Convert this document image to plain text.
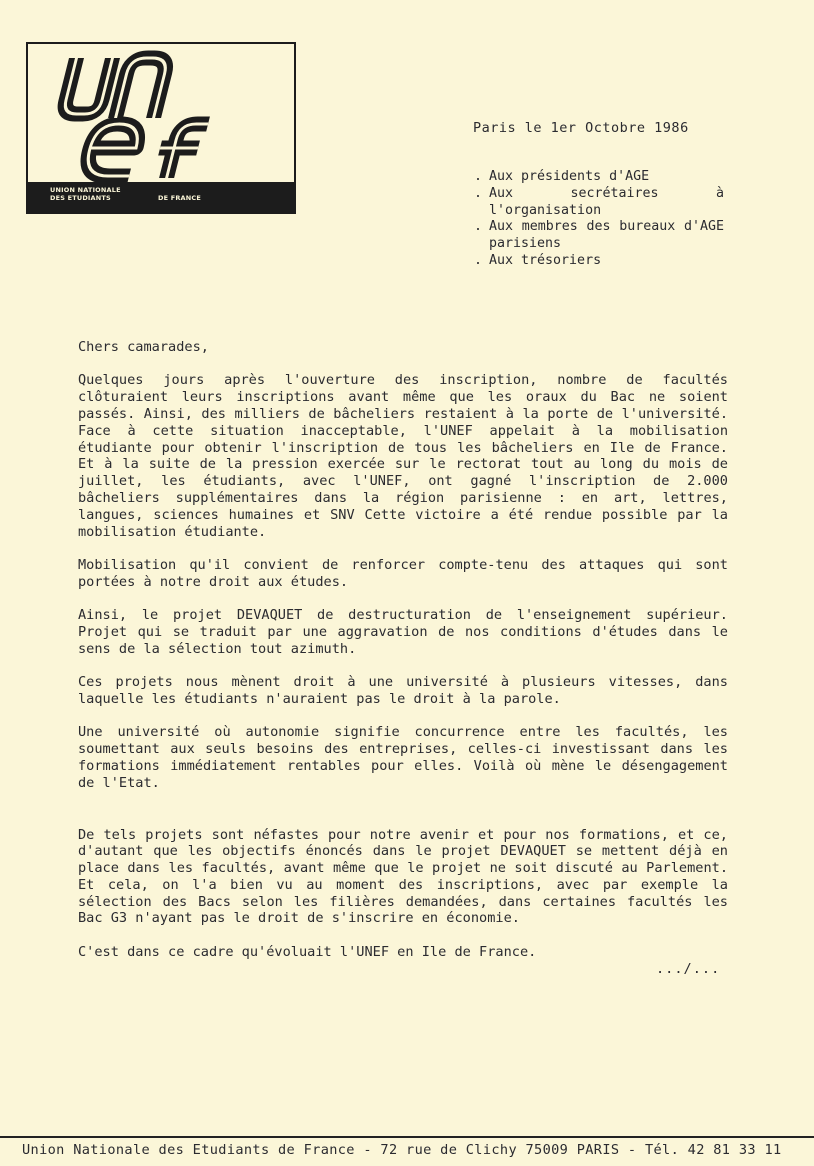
UNION NATIONALE
DES ETUDIANTS	DE FRANCE
Paris le 1er Octobre 1986
. Aux présidents d'AGE
. Aux secrétaires à l'organisation
. Aux membres des bureaux d'AGE parisiens
. Aux trésoriers

Chers camarades,

Quelques jours après l'ouverture des inscription, nombre de facultés clôturaient leurs inscriptions avant même que les oraux du Bac ne soient passés. Ainsi, des milliers de bâcheliers restaient à la porte de l'université. Face à cette situation inacceptable, l'UNEF appelait à la mobilisation étudiante pour obtenir l'inscription de tous les bâcheliers en Ile de France. Et à la suite de la pression exercée sur le rectorat tout au long du mois de juillet, les étudiants, avec l'UNEF, ont gagné l'inscription de 2.000 bâcheliers supplémentaires dans la région parisienne : en art, lettres, langues, sciences humaines et SNV Cette victoire a été rendue possible par la mobilisation étudiante.

Mobilisation qu'il convient de renforcer compte-tenu des attaques qui sont portées à notre droit aux études.

Ainsi, le projet DEVAQUET de destructuration de l'enseignement supérieur. Projet qui se traduit par une aggravation de nos conditions d'études dans le sens de la sélection tout azimuth.

Ces projets nous mènent droit à une université à plusieurs vitesses, dans laquelle les étudiants n'auraient pas le droit à la parole.

Une université où autonomie signifie concurrence entre les facultés, les soumettant aux seuls besoins des entreprises, celles-ci investissant dans les formations immédiatement rentables pour elles. Voilà où mène le désengagement de l'Etat.

De tels projets sont néfastes pour notre avenir et pour nos formations, et ce, d'autant que les objectifs énoncés dans le projet DEVAQUET se mettent déjà en place dans les facultés, avant même que le projet ne soit discuté au Parlement. Et cela, on l'a bien vu au moment des inscriptions, avec par exemple la sélection des Bacs selon les filières demandées, dans certaines facultés les Bac G3 n'ayant pas le droit de s'inscrire en économie.

C'est dans ce cadre qu'évoluait l'UNEF en Ile de France.

.../...
Union Nationale des Etudiants de France - 72 rue de Clichy 75009 PARIS - Tél. 42 81 33 11
